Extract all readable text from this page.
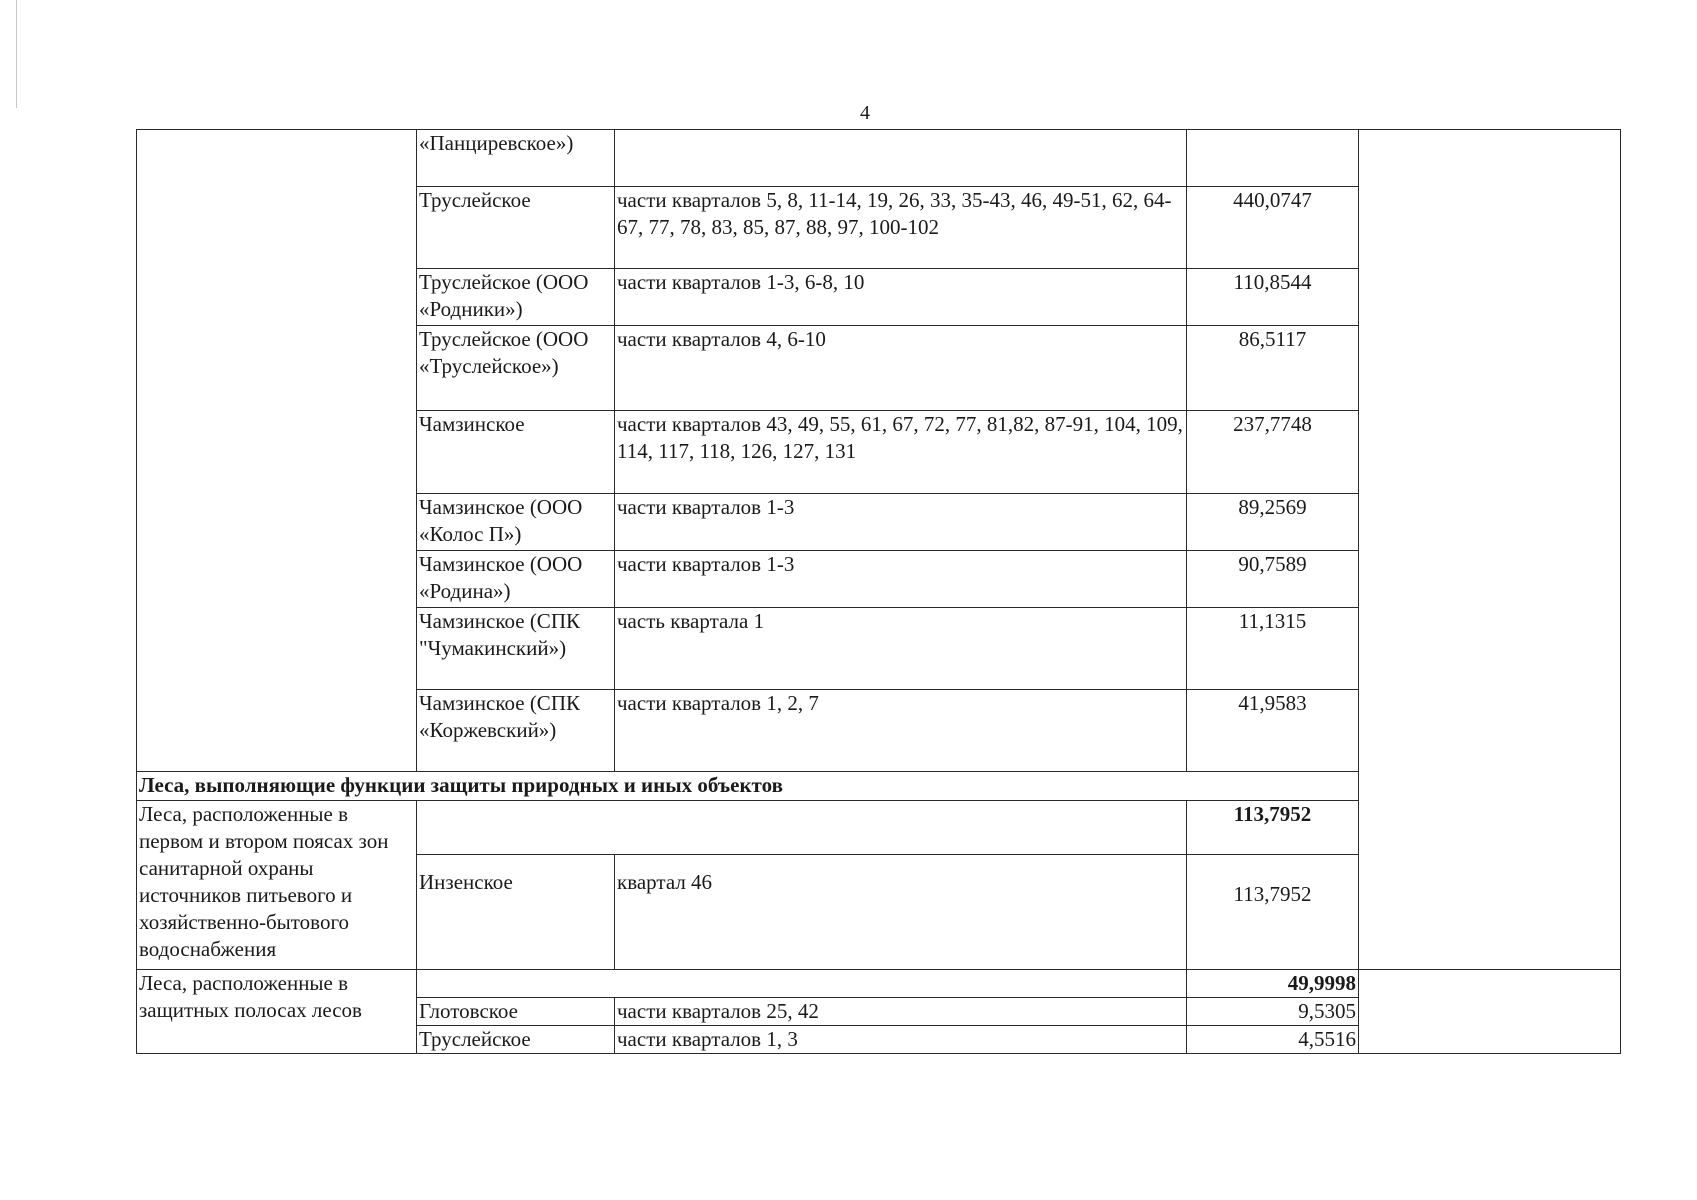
4
	«Панциревское»)			
	Труслейское	части кварталов 5, 8, 11-14, 19, 26, 33, 35-43, 46, 49-51, 62, 64-67, 77, 78, 83, 85, 87, 88, 97, 100-102	440,0747	
	Труслейское (ООО «Родники»)	части кварталов 1-3, 6-8, 10	110,8544	
	Труслейское (ООО «Труслейское»)	части кварталов 4, 6-10	86,5117	
	Чамзинское	части кварталов 43, 49, 55, 61, 67, 72, 77, 81,82, 87-91, 104, 109, 114, 117, 118, 126, 127, 131	237,7748	
	Чамзинское (ООО «Колос П»)	части кварталов 1-3	89,2569	
	Чамзинское (ООО «Родина»)	части кварталов 1-3	90,7589	
	Чамзинское (СПК "Чумакинский»)	часть квартала 1	11,1315	
	Чамзинское (СПК «Коржевский»)	части кварталов 1, 2, 7	41,9583	
Леса, выполняющие функции защиты природных и иных объектов				
Леса, расположенные в первом и втором поясах зон санитарной охраны источников питьевого и хозяйственно-бытового водоснабжения			113,7952	
	Инзенское	квартал 46	113,7952	
Леса, расположенные в защитных полосах лесов			49,9998	
	Глотовское	части кварталов 25, 42	9,5305	
	Труслейское	части кварталов 1, 3	4,5516	
